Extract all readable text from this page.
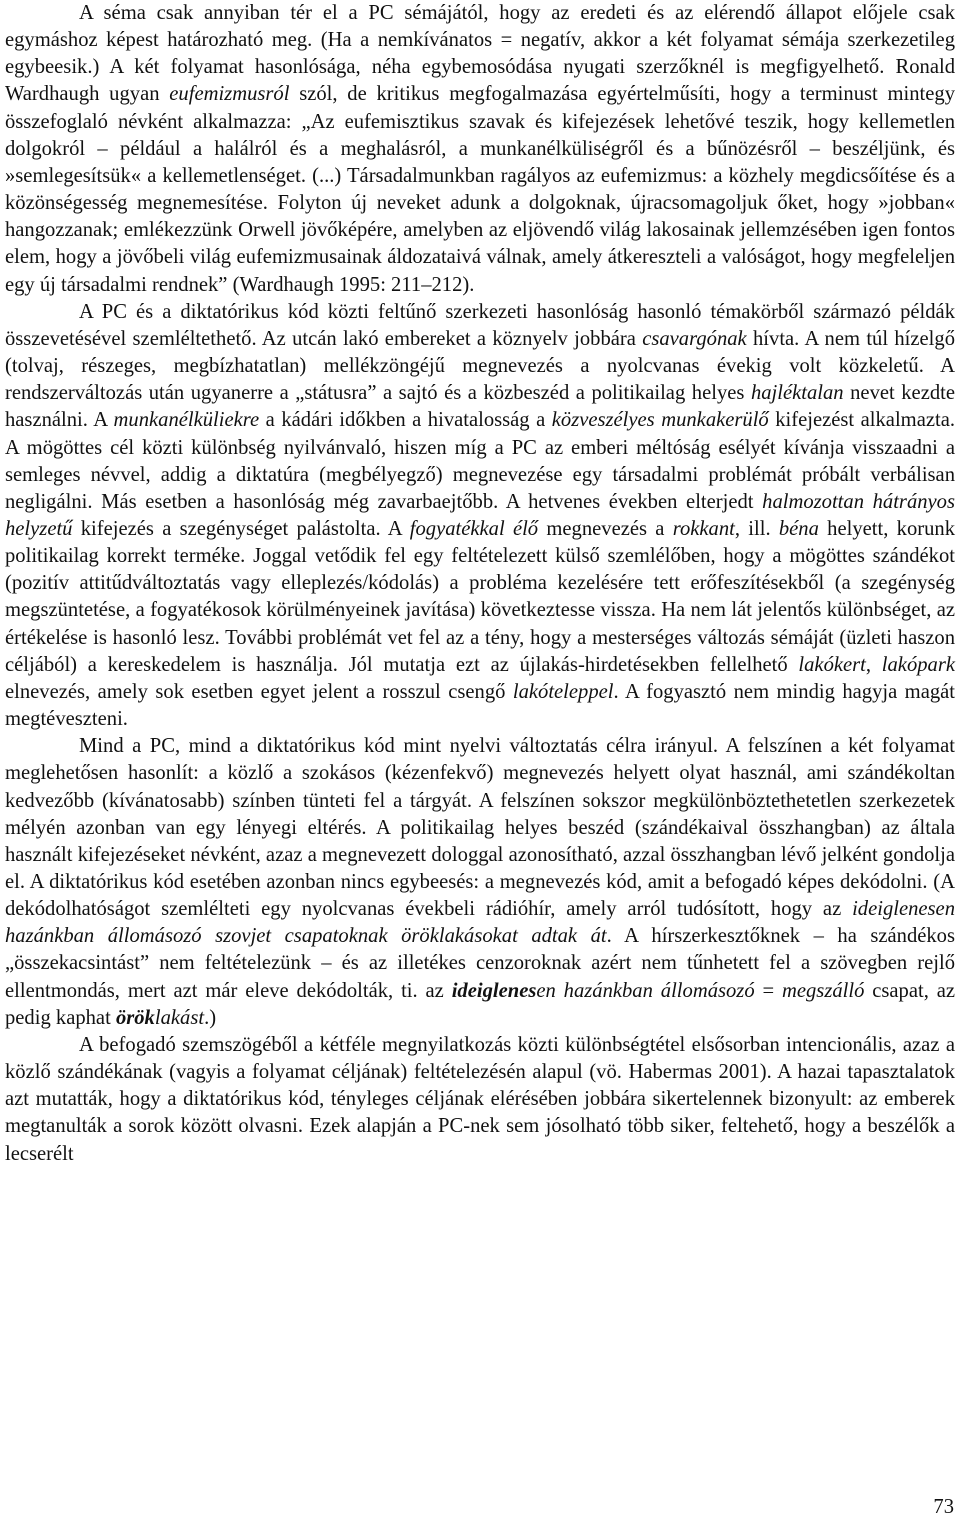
A séma csak annyiban tér el a PC sémájától, hogy az eredeti és az elérendő állapot előjele csak egymáshoz képest határozható meg. (Ha a nemkívánatos = negatív, akkor a két folyamat sémája szerkezetileg egybeesik.) A két folyamat hasonlósága, néha egybemosódása nyugati szerzőknél is megfigyelhető. Ronald Wardhaugh ugyan eufemizmusról szól, de kritikus megfogalmazása egyértelműsíti, hogy a terminust mintegy összefoglaló névként alkalmazza: „Az eufemisztikus szavak és kifejezések lehetővé teszik, hogy kellemetlen dolgokról – például a halálról és a meghalásról, a munkanélküliségről és a bűnözésről – beszéljünk, és »semlegesítsük« a kellemetlenséget. (...) Társadalmunkban ragályos az eufemizmus: a közhely megdicsőítése és a közönségesség megnemesítése. Folyton új neveket adunk a dolgoknak, újracsomagoljuk őket, hogy »jobban« hangozzanak; emlékezzünk Orwell jövőképére, amelyben az eljövendő világ lakosainak jellemzésében igen fontos elem, hogy a jövőbeli világ eufemizmusainak áldozataivá válnak, amely átkereszteli a valóságot, hogy megfeleljen egy új társadalmi rendnek” (Wardhaugh 1995: 211–212).

A PC és a diktatórikus kód közti feltűnő szerkezeti hasonlóság hasonló témakörből származó példák összevetésével szemléltethető. Az utcán lakó embereket a köznyelv jobbára csavargónak hívta. A nem túl hízelgő (tolvaj, részeges, megbízhatatlan) mellékzöngéjű megnevezés a nyolcvanas évekig volt közkeletű. A rendszerváltozás után ugyanerre a „státusra” a sajtó és a közbeszéd a politikailag helyes hajléktalan nevet kezdte használni. A munkanélküliekre a kádári időkben a hivatalosság a közveszélyes munkakerülő kifejezést alkalmazta. A mögöttes cél közti különbség nyilvánvaló, hiszen míg a PC az emberi méltóság esélyét kívánja visszaadni a semleges névvel, addig a diktatúra (megbélyegző) megnevezése egy társadalmi problémát próbált verbálisan negligálni. Más esetben a hasonlóság még zavarbaejtőbb. A hetvenes években elterjedt halmozottan hátrányos helyzetű kifejezés a szegénységet palástolta. A fogyatékkal élő megnevezés a rokkant, ill. béna helyett, korunk politikailag korrekt terméke. Joggal vetődik fel egy feltételezett külső szemlélőben, hogy a mögöttes szándékot (pozitív attitűdváltoztatás vagy elleplezés/kódolás) a probléma kezelésére tett erőfeszítésekből (a szegénység megszüntetése, a fogyatékosok körülményeinek javítása) következtesse vissza. Ha nem lát jelentős különbséget, az értékelése is hasonló lesz. További problémát vet fel az a tény, hogy a mesterséges változás sémáját (üzleti haszon céljából) a kereskedelem is használja. Jól mutatja ezt az újlakás-hirdetésekben fellelhető lakókert, lakópark elnevezés, amely sok esetben egyet jelent a rosszul csengő lakóteleppel. A fogyasztó nem mindig hagyja magát megtéveszteni.

Mind a PC, mind a diktatórikus kód mint nyelvi változtatás célra irányul. A felszínen a két folyamat meglehetősen hasonlít: a közlő a szokásos (kézenfekvő) megnevezés helyett olyat használ, ami szándékoltan kedvezőbb (kívánatosabb) színben tünteti fel a tárgyát. A felszínen sokszor megkülönböztethetetlen szerkezetek mélyén azonban van egy lényegi eltérés. A politikailag helyes beszéd (szándékaival összhangban) az általa használt kifejezéseket névként, azaz a megnevezett dologgal azonosítható, azzal összhangban lévő jelként gondolja el. A diktatórikus kód esetében azonban nincs egybeesés: a megnevezés kód, amit a befogadó képes dekódolni. (A dekódolhatóságot szemlélteti egy nyolcvanas évekbeli rádióhír, amely arról tudósított, hogy az ideiglenesen hazánkban állomásozó szovjet csapatoknak öröklakásokat adtak át. A hírszerkesztőknek – ha szándékos „összekacsintást” nem feltételezünk – és az illetékes cenzoroknak azért nem tűnhetett fel a szövegben rejlő ellentmondás, mert azt már eleve dekódolták, ti. az ideiglenesen hazánkban állomásozó = megszálló csapat, az pedig kaphat öröklakást.)

A befogadó szemszögéből a kétféle megnyilatkozás közti különbségtétel elsősorban intencionális, azaz a közlő szándékának (vagyis a folyamat céljának) feltételezésén alapul (vö. Habermas 2001). A hazai tapasztalatok azt mutatták, hogy a diktatórikus kód, tényleges céljának elérésében jobbára sikertelennek bizonyult: az emberek megtanulták a sorok között olvasni. Ezek alapján a PC-nek sem jósolható több siker, feltehető, hogy a beszélők a lecserélt

73
